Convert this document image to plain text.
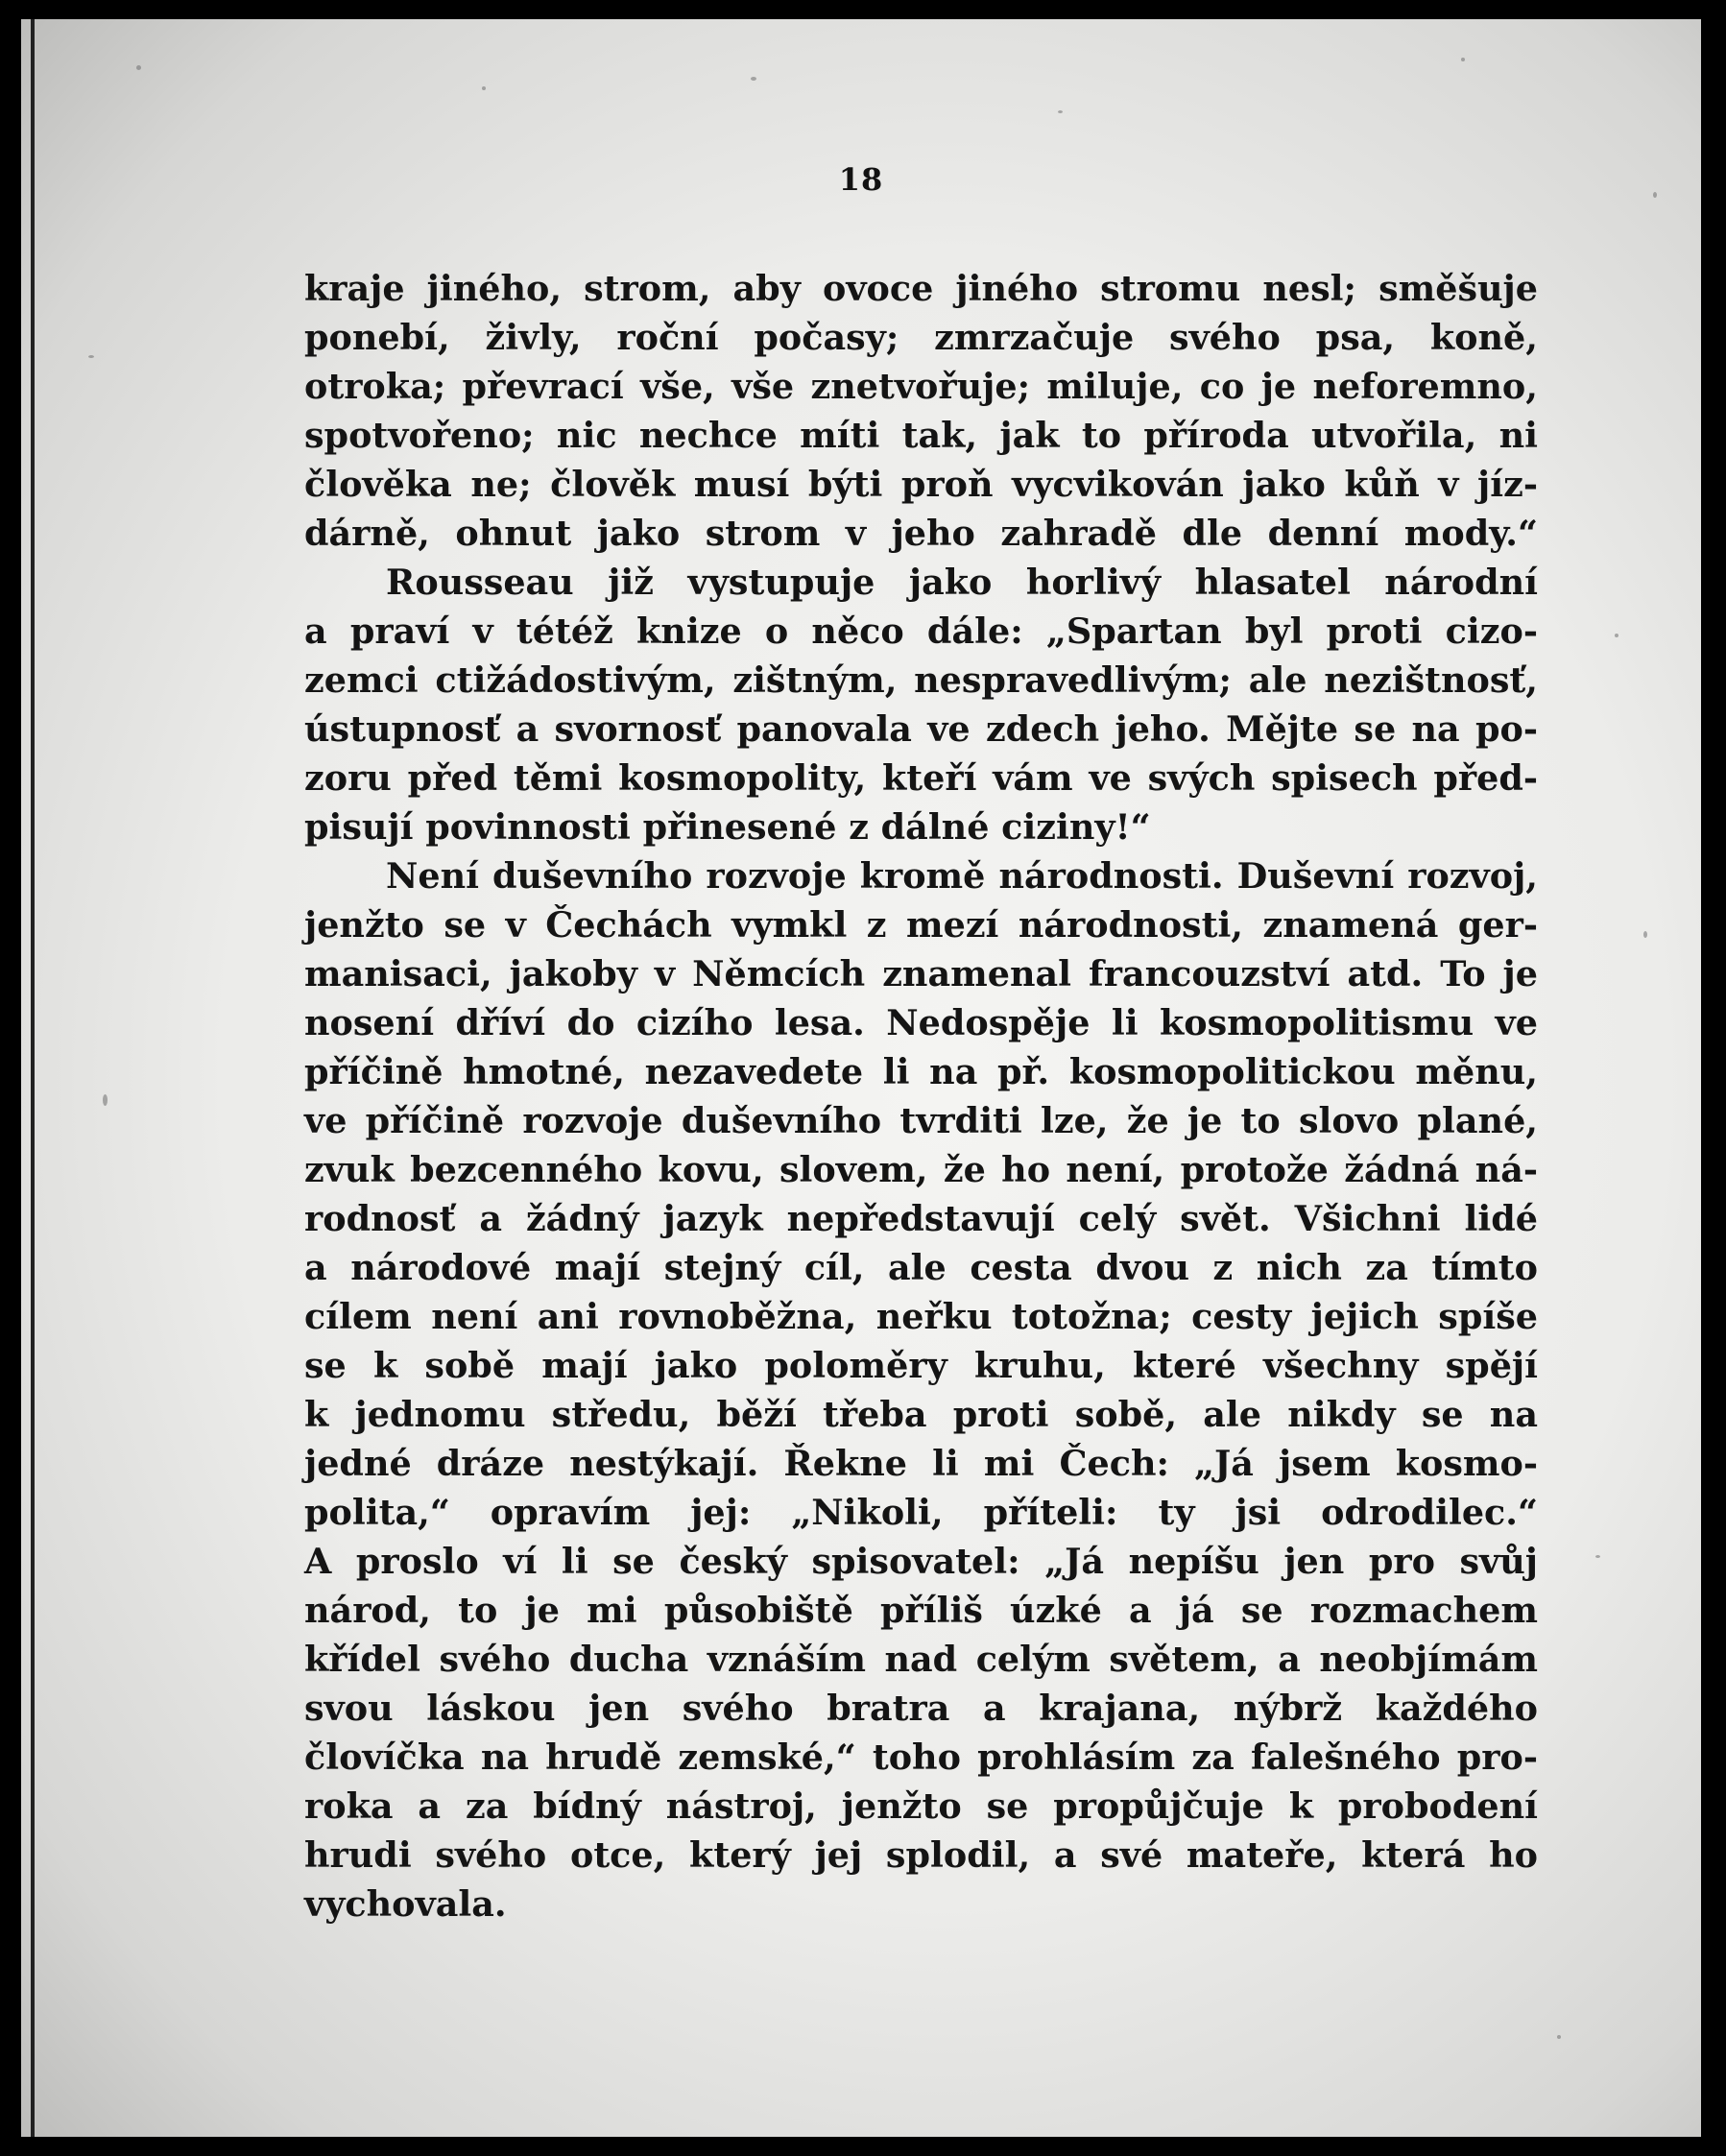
18
kraje jiného, strom, aby ovoce jiného stromu nesl; směšuje
ponebí, živly, roční počasy; zmrzačuje svého psa, koně,
otroka; převrací vše, vše znetvořuje; miluje, co je neforemno,
spotvořeno; nic nechce míti tak, jak to příroda utvořila, ni
člověka ne; člověk musí býti proň vycvikován jako kůň v jíz-
dárně, ohnut jako strom v jeho zahradě dle denní mody.“
Rousseau již vystupuje jako horlivý hlasatel národní
a praví v tétéž knize o něco dále: „Spartan byl proti cizo-
zemci ctižádostivým, zištným, nespravedlivým; ale nezištnosť,
ústupnosť a svornosť panovala ve zdech jeho. Mějte se na po-
zoru před těmi kosmopolity, kteří vám ve svých spisech před-
pisují povinnosti přinesené z dálné ciziny!“
Není duševního rozvoje kromě národnosti. Duševní rozvoj,
jenžto se v Čechách vymkl z mezí národnosti, znamená ger-
manisaci, jakoby v Němcích znamenal francouzství atd. To je
nosení dříví do cizího lesa. Nedospěje li kosmopolitismu ve
příčině hmotné, nezavedete li na př. kosmopolitickou měnu,
ve příčině rozvoje duševního tvrditi lze, že je to slovo plané,
zvuk bezcenného kovu, slovem, že ho není, protože žádná ná-
rodnosť a žádný jazyk nepředstavují celý svět. Všichni lidé
a národové mají stejný cíl, ale cesta dvou z nich za tímto
cílem není ani rovnoběžna, neřku totožna; cesty jejich spíše
se k sobě mají jako poloměry kruhu, které všechny spějí
k jednomu středu, běží třeba proti sobě, ale nikdy se na
jedné dráze nestýkají. Řekne li mi Čech: „Já jsem kosmo-
polita,“ opravím jej: „Nikoli, příteli: ty jsi odrodilec.“
A proslo ví li se český spisovatel: „Já nepíšu jen pro svůj
národ, to je mi působiště příliš úzké a já se rozmachem
křídel svého ducha vznáším nad celým světem, a neobjímám
svou láskou jen svého bratra a krajana, nýbrž každého
človíčka na hrudě zemské,“ toho prohlásím za falešného pro-
roka a za bídný nástroj, jenžto se propůjčuje k probodení
hrudi svého otce, který jej splodil, a své mateře, která ho
vychovala.
